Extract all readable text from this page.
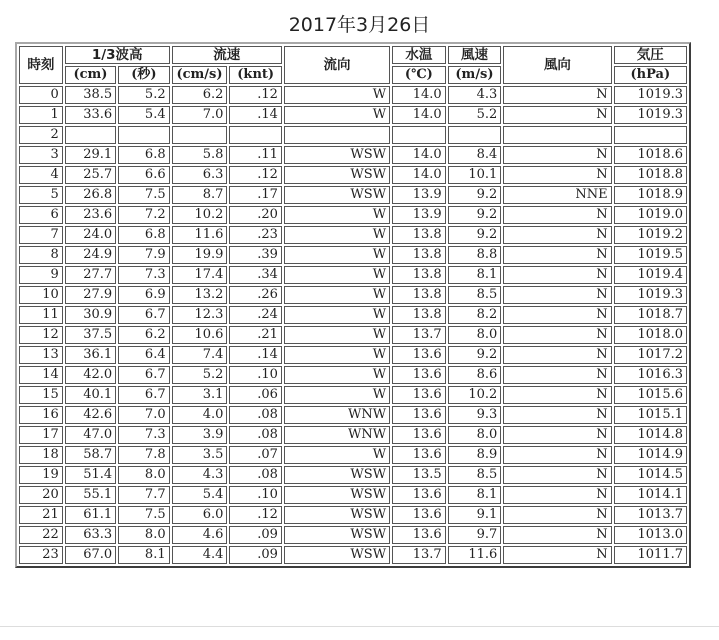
2017年3月26日
時刻	1/3波高		流速		流向	水温	風速	風向	気圧
	(cm)	(秒)	(cm/s)	(knt)		(℃)	(m/s)		(hPa)
0	38.5	5.2	6.2	.12	W	14.0	4.3	N	1019.3
1	33.6	5.4	7.0	.14	W	14.0	5.2	N	1019.3
2									
3	29.1	6.8	5.8	.11	WSW	14.0	8.4	N	1018.6
4	25.7	6.6	6.3	.12	WSW	14.0	10.1	N	1018.8
5	26.8	7.5	8.7	.17	WSW	13.9	9.2	NNE	1018.9
6	23.6	7.2	10.2	.20	W	13.9	9.2	N	1019.0
7	24.0	6.8	11.6	.23	W	13.8	9.2	N	1019.2
8	24.9	7.9	19.9	.39	W	13.8	8.8	N	1019.5
9	27.7	7.3	17.4	.34	W	13.8	8.1	N	1019.4
10	27.9	6.9	13.2	.26	W	13.8	8.5	N	1019.3
11	30.9	6.7	12.3	.24	W	13.8	8.2	N	1018.7
12	37.5	6.2	10.6	.21	W	13.7	8.0	N	1018.0
13	36.1	6.4	7.4	.14	W	13.6	9.2	N	1017.2
14	42.0	6.7	5.2	.10	W	13.6	8.6	N	1016.3
15	40.1	6.7	3.1	.06	W	13.6	10.2	N	1015.6
16	42.6	7.0	4.0	.08	WNW	13.6	9.3	N	1015.1
17	47.0	7.3	3.9	.08	WNW	13.6	8.0	N	1014.8
18	58.7	7.8	3.5	.07	W	13.6	8.9	N	1014.9
19	51.4	8.0	4.3	.08	WSW	13.5	8.5	N	1014.5
20	55.1	7.7	5.4	.10	WSW	13.6	8.1	N	1014.1
21	61.1	7.5	6.0	.12	WSW	13.6	9.1	N	1013.7
22	63.3	8.0	4.6	.09	WSW	13.6	9.7	N	1013.0
23	67.0	8.1	4.4	.09	WSW	13.7	11.6	N	1011.7
